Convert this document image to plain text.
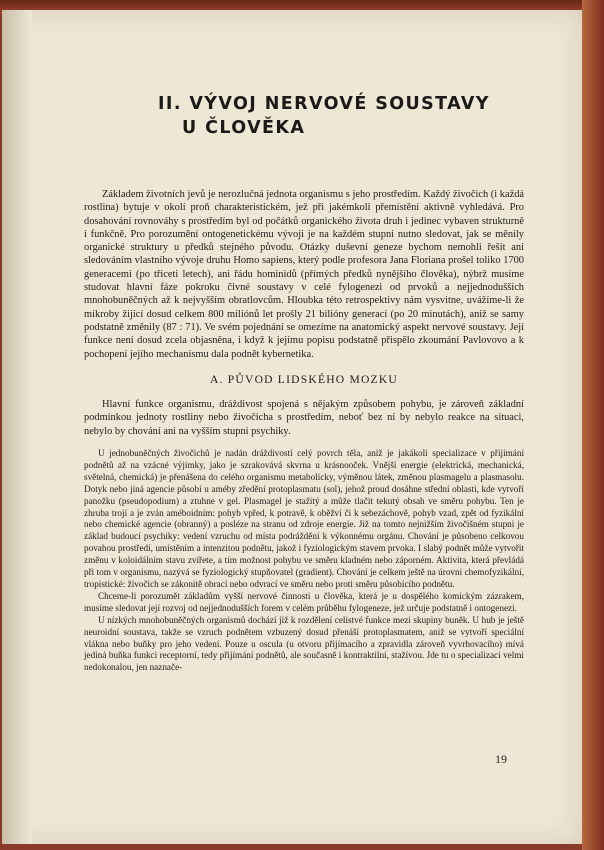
II. VÝVOJ NERVOVÉ SOUSTAVY
U ČLOVĚKA

Základem životních jevů je nerozlučná jednota organismu s jeho prostředím. Každý živočich (i každá rostlina) bytuje v okolí proň charakteristickém, jež při jakémkoli přemístění aktivně vyhledává. Pro dosahování rovnováhy s prostředím byl od počátků organického života druh i jedinec vybaven strukturně i funkčně. Pro porozumění ontogenetickému vývoji je na každém stupni nutno sledovat, jak se měnily organické struktury u předků stejného původu. Otázky duševní geneze bychom nemohli řešit ani sledováním vlastního vývoje druhu Homo sapiens, který podle profesora Jana Floriana prošel toliko 1700 generacemi (po třiceti letech), ani řádu hominidů (přímých předků nynějšího člověka), nýbrž musíme studovat hlavní fáze pokroku čivné soustavy v celé fylogenezi od prvoků a nejjednodušších mnohobuněčných až k nejvyšším obratlovcům. Hloubka této retrospektivy nám vysvitne, uvážíme-li že mikroby žijící dosud celkem 800 miliónů let prošly 21 bilióny generací (po 20 minutách), aniž se samy podstatně změnily (87 : 71). Ve svém pojednání se omezíme na anatomický aspekt nervové soustavy. Její funkce není dosud zcela objasněna, i když k jejímu popisu podstatně přispělo zkoumání Pavlovovo a k pochopení jejího mechanismu dala podnět kybernetika.

A. PŮVOD LIDSKÉHO MOZKU

Hlavní funkce organismu, dráždivost spojená s nějakým způsobem pohybu, je zároveň základní podmínkou jednoty rostliny nebo živočicha s prostředím, neboť bez ní by nebylo reakce na situaci, nebylo by chování ani na vyšším stupni psychiky.

U jednobuněčných živočichů je nadán dráždivostí celý povrch těla, aniž je jakákoli specializace v přijímání podnětů až na vzácné výjimky, jako je szrakovává skvrna u krásnooček. Vnější energie (elektrická, mechanická, světelná, chemická) je přenášena do celého organismu metabolicky, výměnou látek, změnou plasmagelu a plasmasolu. Dotyk nebo jiná agencie působí u améby zředění protoplasmatu (sol), jehož proud dosáhne střední oblasti, kde vytvoří panožku (pseudopodium) a ztuhne v gel. Plasmagel je stažitý a může tlačit tekutý obsah ve směru pohybu. Ten je zhruba trojí a je zván améboidním: pohyb vpřed, k potravě, k oběžví či k sebezáchově, pohyb vzad, zpět od fyzikální nebo chemické agencie (obranný) a posléze na stranu od zdroje energie. Již na tomto nejnižším živočišném stupni je základ budoucí psychiky: vedení vzruchu od místa podráždění k výkonnému orgánu. Chování je působeno celkovou povahou prostředí, umístěním a intenzitou podnětu, jakož i fyziologickým stavem prvoka. I slabý podnět může vytvořit změnu v koloidálním stavu zvířete, a tím možnost pohybu ve směru kladném nebo záporném. Aktivita, která převládá při tom v organismu, nazývá se fyziologický stupňovatel (gradient). Chování je celkem ještě na úrovni chemofyzikální, tropistické: živočich se zákonitě obrací nebo odvrací ve směru nebo proti směru působícího podnětu.

Chceme-li porozumět základům vyšší nervové činnosti u člověka, která je u dospělého komickým zázrakem, musíme sledovat její rozvoj od nejjednodušších forem v celém průběhu fylogeneze, jež určuje podstatně i ontogenezi.

U nízkých mnohobuněčných organismů dochází již k rozdělení celistvé funkce mezi skupiny buněk. U hub je ještě neuroidní soustava, takže se vzruch podnětem vzbuzený dosud přenáší protoplasmatem, aniž se vytvoří speciální vlákna nebo buňky pro jeho vedení. Pouze u oscula (u otvoru přijímacího a zpravidla zároveň vyvrhovacího) mívá jediná buňka funkci receptorní, tedy přijímání podnětů, ale současně i kontraktilní, stažívou. Jde tu o specializaci velmi nedokonalou, jen naznače-

19
